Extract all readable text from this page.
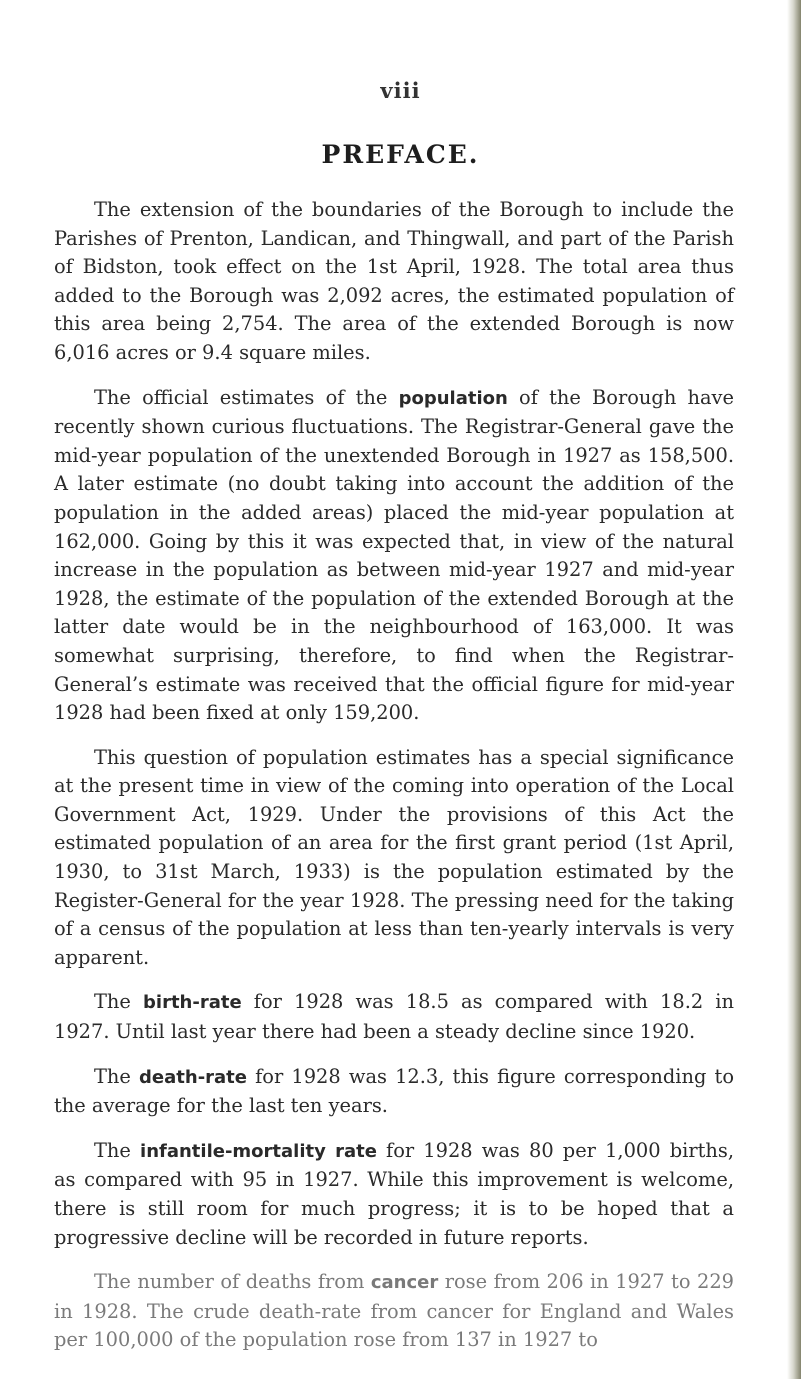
viii
PREFACE.

The extension of the boundaries of the Borough to include the Parishes of Prenton, Landican, and Thingwall, and part of the Parish of Bidston, took effect on the 1st April, 1928. The total area thus added to the Borough was 2,092 acres, the estimated population of this area being 2,754. The area of the extended Borough is now 6,016 acres or 9.4 square miles.

The official estimates of the population of the Borough have recently shown curious fluctuations. The Registrar-General gave the mid-year population of the unextended Borough in 1927 as 158,500. A later estimate (no doubt taking into account the addition of the population in the added areas) placed the mid-year population at 162,000. Going by this it was expected that, in view of the natural increase in the population as between mid-year 1927 and mid-year 1928, the estimate of the population of the extended Borough at the latter date would be in the neighbourhood of 163,000. It was somewhat surprising, therefore, to find when the Registrar-General’s estimate was received that the official figure for mid-year 1928 had been fixed at only 159,200.

This question of population estimates has a special significance at the present time in view of the coming into operation of the Local Government Act, 1929. Under the provisions of this Act the estimated population of an area for the first grant period (1st April, 1930, to 31st March, 1933) is the population estimated by the Register-General for the year 1928. The pressing need for the taking of a census of the population at less than ten-yearly intervals is very apparent.

The birth-rate for 1928 was 18.5 as compared with 18.2 in 1927. Until last year there had been a steady decline since 1920.

The death-rate for 1928 was 12.3, this figure corresponding to the average for the last ten years.

The infantile-mortality rate for 1928 was 80 per 1,000 births, as compared with 95 in 1927. While this improvement is welcome, there is still room for much progress; it is to be hoped that a progressive decline will be recorded in future reports.

The number of deaths from cancer rose from 206 in 1927 to 229 in 1928. The crude death-rate from cancer for England and Wales per 100,000 of the population rose from 137 in 1927 to
